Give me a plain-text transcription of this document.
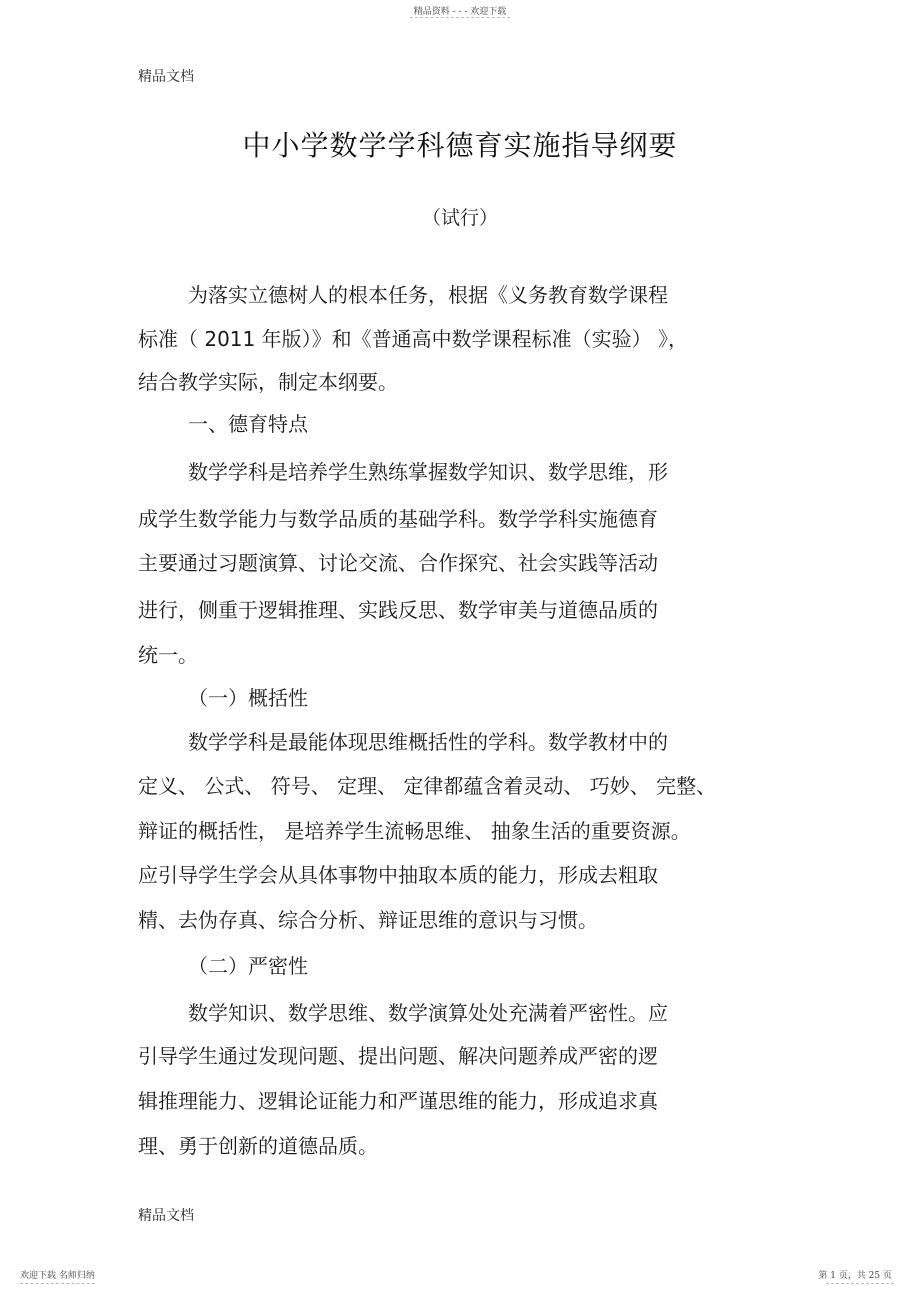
精品资料 - - - 欢迎下载
精品文档
中小学数学学科德育实施指导纲要
（试行）
为落实立德树人的根本任务，根据《义务教育数学课程
标准（ 2011 年版）》和《普通高中数学课程标准（实验） 》，
结合教学实际，制定本纲要。
一、德育特点
数学学科是培养学生熟练掌握数学知识、数学思维，形
成学生数学能力与数学品质的基础学科。数学学科实施德育
主要通过习题演算、讨论交流、合作探究、社会实践等活动
进行，侧重于逻辑推理、实践反思、数学审美与道德品质的
统一。
（一）概括性
数学学科是最能体现思维概括性的学科。数学教材中的
定义、 公式、 符号、 定理、 定律都蕴含着灵动、 巧妙、 完整、
辩证的概括性， 是培养学生流畅思维、 抽象生活的重要资源。
应引导学生学会从具体事物中抽取本质的能力，形成去粗取
精、去伪存真、综合分析、辩证思维的意识与习惯。
（二）严密性
数学知识、数学思维、数学演算处处充满着严密性。应
引导学生通过发现问题、提出问题、解决问题养成严密的逻
辑推理能力、逻辑论证能力和严谨思维的能力，形成追求真
理、勇于创新的道德品质。
精品文档
欢迎下载 名师归纳	第 1 页，共 25 页
